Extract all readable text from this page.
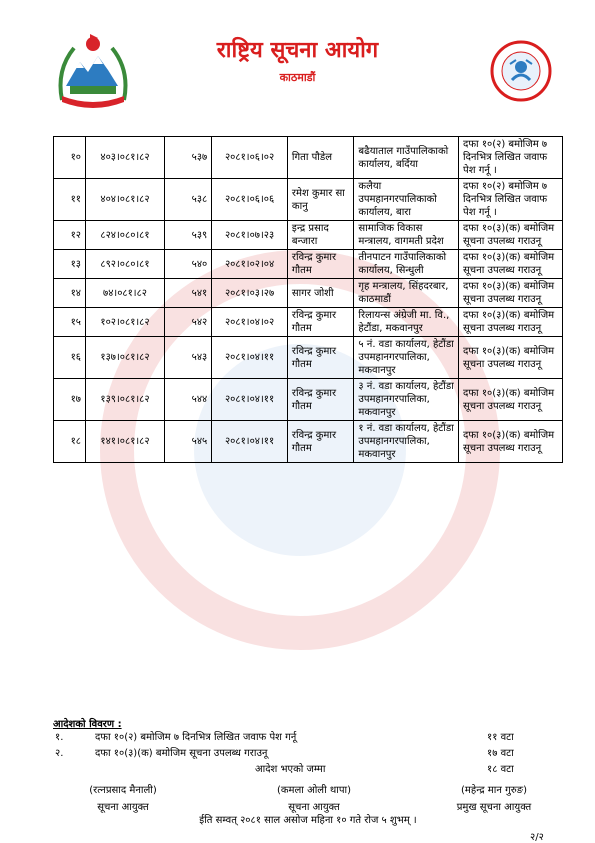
राष्ट्रिय सूचना आयोग
काठमाडौं
१०	४०३।०८१।८२	५३७	२०८१।०६।०२	गिता पौडेल	बढैयाताल गाउँपालिकाको कार्यालय, बर्दिया	दफा १०(२) बमोजिम ७ दिनभित्र लिखित जवाफ पेश गर्नू ।
११	४०४।०८१।८२	५३८	२०८१।०६।०६	रमेश कुमार सा कानु	कलैया उपमहानगरपालिकाको कार्यालय, बारा	दफा १०(२) बमोजिम ७ दिनभित्र लिखित जवाफ पेश गर्नू ।
१२	८२४।०८०।८१	५३९	२०८१।०७।२३	इन्द्र प्रसाद बन्जारा	सामाजिक विकास मन्त्रालय, वागमती प्रदेश	दफा १०(३)(क) बमोजिम सूचना उपलब्ध गराउनू
१३	८९२।०८०।८१	५४०	२०८१।०२।०४	रविन्द्र कुमार गौतम	तीनपाटन गाउँपालिकाको कार्यालय, सिन्धुली	दफा १०(३)(क) बमोजिम सूचना उपलब्ध गराउनू
१४	७४।०८१।८२	५४१	२०८१।०३।२७	सागर जोशी	गृह मन्त्रालय, सिंहदरबार, काठमाडौं	दफा १०(३)(क) बमोजिम सूचना उपलब्ध गराउनू
१५	१०२।०८१।८२	५४२	२०८१।०४।०२	रविन्द्र कुमार गौतम	रिलायन्स अंग्रेजी मा. वि., हेटौंडा, मकवानपुर	दफा १०(३)(क) बमोजिम सूचना उपलब्ध गराउनू
१६	१३७।०८१।८२	५४३	२०८१।०४।११	रविन्द्र कुमार गौतम	५ नं. वडा कार्यालय, हेटौंडा उपमहानगरपालिका, मकवानपुर	दफा १०(३)(क) बमोजिम सूचना उपलब्ध गराउनू
१७	१३९।०८१।८२	५४४	२०८१।०४।११	रविन्द्र कुमार गौतम	३ नं. वडा कार्यालय, हेटौंडा उपमहानगरपालिका, मकवानपुर	दफा १०(३)(क) बमोजिम सूचना उपलब्ध गराउनू
१८	१४१।०८१।८२	५४५	२०८१।०४।११	रविन्द्र कुमार गौतम	१ नं. वडा कार्यालय, हेटौंडा उपमहानगरपालिका, मकवानपुर	दफा १०(३)(क) बमोजिम सूचना उपलब्ध गराउनू
आदेशको विवरण :
१.	दफा १०(२) बमोजिम ७ दिनभित्र लिखित जवाफ पेश गर्नू	११ वटा
२.	दफा १०(३)(क) बमोजिम सूचना उपलब्ध गराउनू	१७ वटा
आदेश भएको जम्मा	१८ वटा
(रत्नप्रसाद मैनाली)
सूचना आयुक्त
(कमला ओली थापा)
सूचना आयुक्त
(महेन्द्र मान गुरुङ)
प्रमुख सूचना आयुक्त
ईति सम्वत् २०८१ साल असोज महिना १० गते रोज ५ शुभम् ।
२/२
